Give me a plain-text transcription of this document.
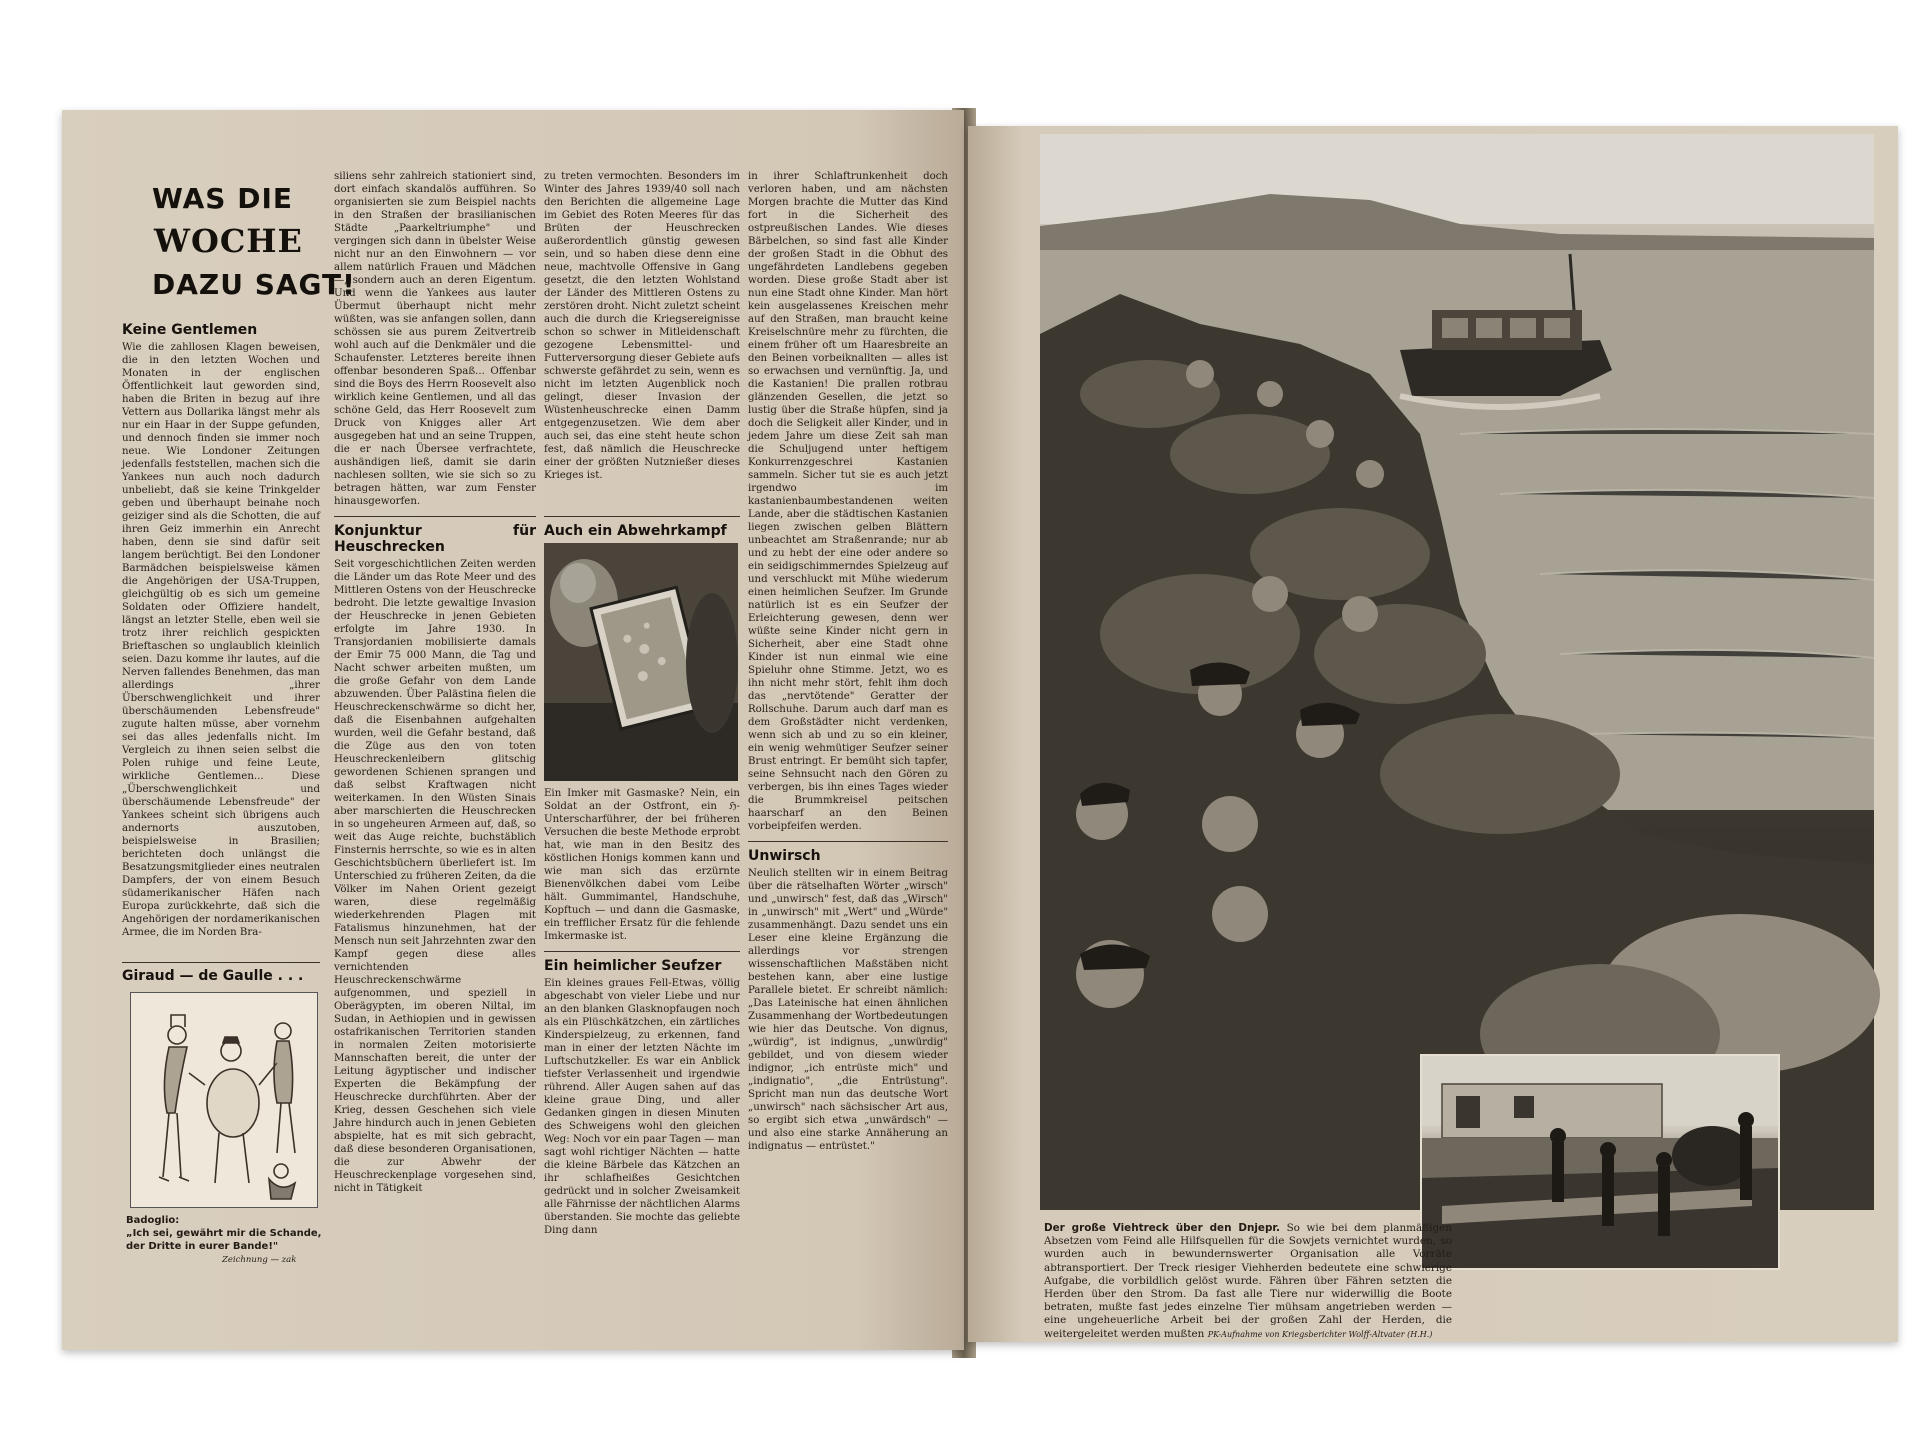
WAS DIE
WOCHE
DAZU SAGT!
Keine Gentlemen

Wie die zahllosen Klagen beweisen, die in den letzten Wochen und Monaten in der englischen Öffentlichkeit laut geworden sind, haben die Briten in bezug auf ihre Vettern aus Dollarika längst mehr als nur ein Haar in der Suppe gefunden, und dennoch finden sie immer noch neue. Wie Londoner Zeitungen jedenfalls feststellen, machen sich die Yankees nun auch noch dadurch unbeliebt, daß sie keine Trinkgelder geben und überhaupt beinahe noch geiziger sind als die Schotten, die auf ihren Geiz immerhin ein Anrecht haben, denn sie sind dafür seit langem berüchtigt. Bei den Londoner Barmädchen beispielsweise kämen die Angehörigen der USA-Truppen, gleichgültig ob es sich um gemeine Soldaten oder Offiziere handelt, längst an letzter Stelle, eben weil sie trotz ihrer reichlich gespickten Brieftaschen so unglaublich kleinlich seien. Dazu komme ihr lautes, auf die Nerven fallendes Benehmen, das man allerdings „ihrer Überschwenglichkeit und ihrer überschäumenden Lebensfreude" zugute halten müsse, aber vornehm sei das alles jedenfalls nicht. Im Vergleich zu ihnen seien selbst die Polen ruhige und feine Leute, wirkliche Gentlemen... Diese „Überschwenglichkeit und überschäumende Lebensfreude" der Yankees scheint sich übrigens auch andernorts auszutoben, beispielsweise in Brasilien; berichteten doch unlängst die Besatzungsmitglieder eines neutralen Dampfers, der von einem Besuch südamerikanischer Häfen nach Europa zurückkehrte, daß sich die Angehörigen der nordamerikanischen Armee, die im Norden Bra-

Giraud — de Gaulle . . .
Badoglio:
„Ich sei, gewährt mir die Schande, der Dritte in eurer Bande!"
Zeichnung — zak

siliens sehr zahlreich stationiert sind, dort einfach skandalös aufführen. So organisierten sie zum Beispiel nachts in den Straßen der brasilianischen Städte „Paarkeltriumphe" und vergingen sich dann in übelster Weise nicht nur an den Einwohnern — vor allem natürlich Frauen und Mädchen —, sondern auch an deren Eigentum. Und wenn die Yankees aus lauter Übermut überhaupt nicht mehr wüßten, was sie anfangen sollen, dann schössen sie aus purem Zeitvertreib wohl auch auf die Denkmäler und die Schaufenster. Letzteres bereite ihnen offenbar besonderen Spaß... Offenbar sind die Boys des Herrn Roosevelt also wirklich keine Gentlemen, und all das schöne Geld, das Herr Roosevelt zum Druck von Knigges aller Art ausgegeben hat und an seine Truppen, die er nach Übersee verfrachtete, aushändigen ließ, damit sie darin nachlesen sollten, wie sie sich so zu betragen hätten, war zum Fenster hinausgeworfen.

Konjunktur für Heuschrecken

Seit vorgeschichtlichen Zeiten werden die Länder um das Rote Meer und des Mittleren Ostens von der Heuschrecke bedroht. Die letzte gewaltige Invasion der Heuschrecke in jenen Gebieten erfolgte im Jahre 1930. In Transjordanien mobilisierte damals der Emir 75 000 Mann, die Tag und Nacht schwer arbeiten mußten, um die große Gefahr von dem Lande abzuwenden. Über Palästina fielen die Heuschreckenschwärme so dicht her, daß die Eisenbahnen aufgehalten wurden, weil die Gefahr bestand, daß die Züge aus den von toten Heuschreckenleibern glitschig gewordenen Schienen sprangen und daß selbst Kraftwagen nicht weiterkamen. In den Wüsten Sinais aber marschierten die Heuschrecken in so ungeheuren Armeen auf, daß, so weit das Auge reichte, buchstäblich Finsternis herrschte, so wie es in alten Geschichtsbüchern überliefert ist. Im Unterschied zu früheren Zeiten, da die Völker im Nahen Orient gezeigt waren, diese regelmäßig wiederkehrenden Plagen mit Fatalismus hinzunehmen, hat der Mensch nun seit Jahrzehnten zwar den Kampf gegen diese alles vernichtenden Heuschreckenschwärme aufgenommen, und speziell in Oberägypten, im oberen Niltal, im Sudan, in Aethiopien und in gewissen ostafrikanischen Territorien standen in normalen Zeiten motorisierte Mannschaften bereit, die unter der Leitung ägyptischer und indischer Experten die Bekämpfung der Heuschrecke durchführten. Aber der Krieg, dessen Geschehen sich viele Jahre hindurch auch in jenen Gebieten abspielte, hat es mit sich gebracht, daß diese besonderen Organisationen, die zur Abwehr der Heuschreckenplage vorgesehen sind, nicht in Tätigkeit

zu treten vermochten. Besonders im Winter des Jahres 1939/40 soll nach den Berichten die allgemeine Lage im Gebiet des Roten Meeres für das Brüten der Heuschrecken außerordentlich günstig gewesen sein, und so haben diese denn eine neue, machtvolle Offensive in Gang gesetzt, die den letzten Wohlstand der Länder des Mittleren Ostens zu zerstören droht. Nicht zuletzt scheint auch die durch die Kriegsereignisse schon so schwer in Mitleidenschaft gezogene Lebensmittel- und Futterversorgung dieser Gebiete aufs schwerste gefährdet zu sein, wenn es nicht im letzten Augenblick noch gelingt, dieser Invasion der Wüstenheuschrecke einen Damm entgegenzusetzen. Wie dem aber auch sei, das eine steht heute schon fest, daß nämlich die Heuschrecke einer der größten Nutznießer dieses Krieges ist.

Auch ein Abwehrkampf

Ein Imker mit Gasmaske? Nein, ein Soldat an der Ostfront, ein ℌ-Unterscharführer, der bei früheren Versuchen die beste Methode erprobt hat, wie man in den Besitz des köstlichen Honigs kommen kann und wie man sich das erzürnte Bienenvölkchen dabei vom Leibe hält. Gummimantel, Handschuhe, Kopftuch — und dann die Gasmaske, ein trefflicher Ersatz für die fehlende Imkermaske ist.

Ein heimlicher Seufzer

Ein kleines graues Fell-Etwas, völlig abgeschabt von vieler Liebe und nur an den blanken Glasknopfaugen noch als ein Plüschkätzchen, ein zärtliches Kinderspielzeug, zu erkennen, fand man in einer der letzten Nächte im Luftschutzkeller. Es war ein Anblick tiefster Verlassenheit und irgendwie rührend. Aller Augen sahen auf das kleine graue Ding, und aller Gedanken gingen in diesen Minuten des Schweigens wohl den gleichen Weg: Noch vor ein paar Tagen — man sagt wohl richtiger Nächten — hatte die kleine Bärbele das Kätzchen an ihr schlafheißes Gesichtchen gedrückt und in solcher Zweisamkeit alle Fährnisse der nächtlichen Alarms überstanden. Sie mochte das geliebte Ding dann

in ihrer Schlaftrunkenheit doch verloren haben, und am nächsten Morgen brachte die Mutter das Kind fort in die Sicherheit des ostpreußischen Landes. Wie dieses Bärbelchen, so sind fast alle Kinder der großen Stadt in die Obhut des ungefährdeten Landlebens gegeben worden. Diese große Stadt aber ist nun eine Stadt ohne Kinder. Man hört kein ausgelassenes Kreischen mehr auf den Straßen, man braucht keine Kreiselschnüre mehr zu fürchten, die einem früher oft um Haaresbreite an den Beinen vorbeiknallten — alles ist so erwachsen und vernünftig. Ja, und die Kastanien! Die prallen rotbrau glänzenden Gesellen, die jetzt so lustig über die Straße hüpfen, sind ja doch die Seligkeit aller Kinder, und in jedem Jahre um diese Zeit sah man die Schuljugend unter heftigem Konkurrenzgeschrei Kastanien sammeln. Sicher tut sie es auch jetzt irgendwo im kastanienbaumbestandenen weiten Lande, aber die städtischen Kastanien liegen zwischen gelben Blättern unbeachtet am Straßenrande; nur ab und zu hebt der eine oder andere so ein seidigschimmerndes Spielzeug auf und verschluckt mit Mühe wiederum einen heimlichen Seufzer. Im Grunde natürlich ist es ein Seufzer der Erleichterung gewesen, denn wer wüßte seine Kinder nicht gern in Sicherheit, aber eine Stadt ohne Kinder ist nun einmal wie eine Spieluhr ohne Stimme. Jetzt, wo es ihn nicht mehr stört, fehlt ihm doch das „nervtötende" Geratter der Rollschuhe. Darum auch darf man es dem Großstädter nicht verdenken, wenn sich ab und zu so ein kleiner, ein wenig wehmütiger Seufzer seiner Brust entringt. Er bemüht sich tapfer, seine Sehnsucht nach den Gören zu verbergen, bis ihn eines Tages wieder die Brummkreisel peitschen haarscharf an den Beinen vorbeipfeifen werden.

Unwirsch

Neulich stellten wir in einem Beitrag über die rätselhaften Wörter „wirsch" und „unwirsch" fest, daß das „Wirsch" in „unwirsch" mit „Wert" und „Würde" zusammenhängt. Dazu sendet uns ein Leser eine kleine Ergänzung die allerdings vor strengen wissenschaftlichen Maßstäben nicht bestehen kann, aber eine lustige Parallele bietet. Er schreibt nämlich: „Das Lateinische hat einen ähnlichen Zusammenhang der Wortbedeutungen wie hier das Deutsche. Von dignus, „würdig", ist indignus, „unwürdig" gebildet, und von diesem wieder indignor, „ich entrüste mich" und „indignatio", „die Entrüstung". Spricht man nun das deutsche Wort „unwirsch" nach sächsischer Art aus, so ergibt sich etwa „unwärdsch" — und also eine starke Annäherung an indignatus — entrüstet."

Der große Viehtreck über den Dnjepr. So wie bei dem planmäßigen Absetzen vom Feind alle Hilfsquellen für die Sowjets vernichtet wurden, so wurden auch in bewundernswerter Organisation alle Vorräte abtransportiert. Der Treck riesiger Viehherden bedeutete eine schwierige Aufgabe, die vorbildlich gelöst wurde. Fähren über Fähren setzten die Herden über den Strom. Da fast alle Tiere nur widerwillig die Boote betraten, mußte fast jedes einzelne Tier mühsam angetrieben werden — eine ungeheuerliche Arbeit bei der großen Zahl der Herden, die weitergeleitet werden mußten PK-Aufnahme von Kriegsberichter Wolff-Altvater (H.H.)
